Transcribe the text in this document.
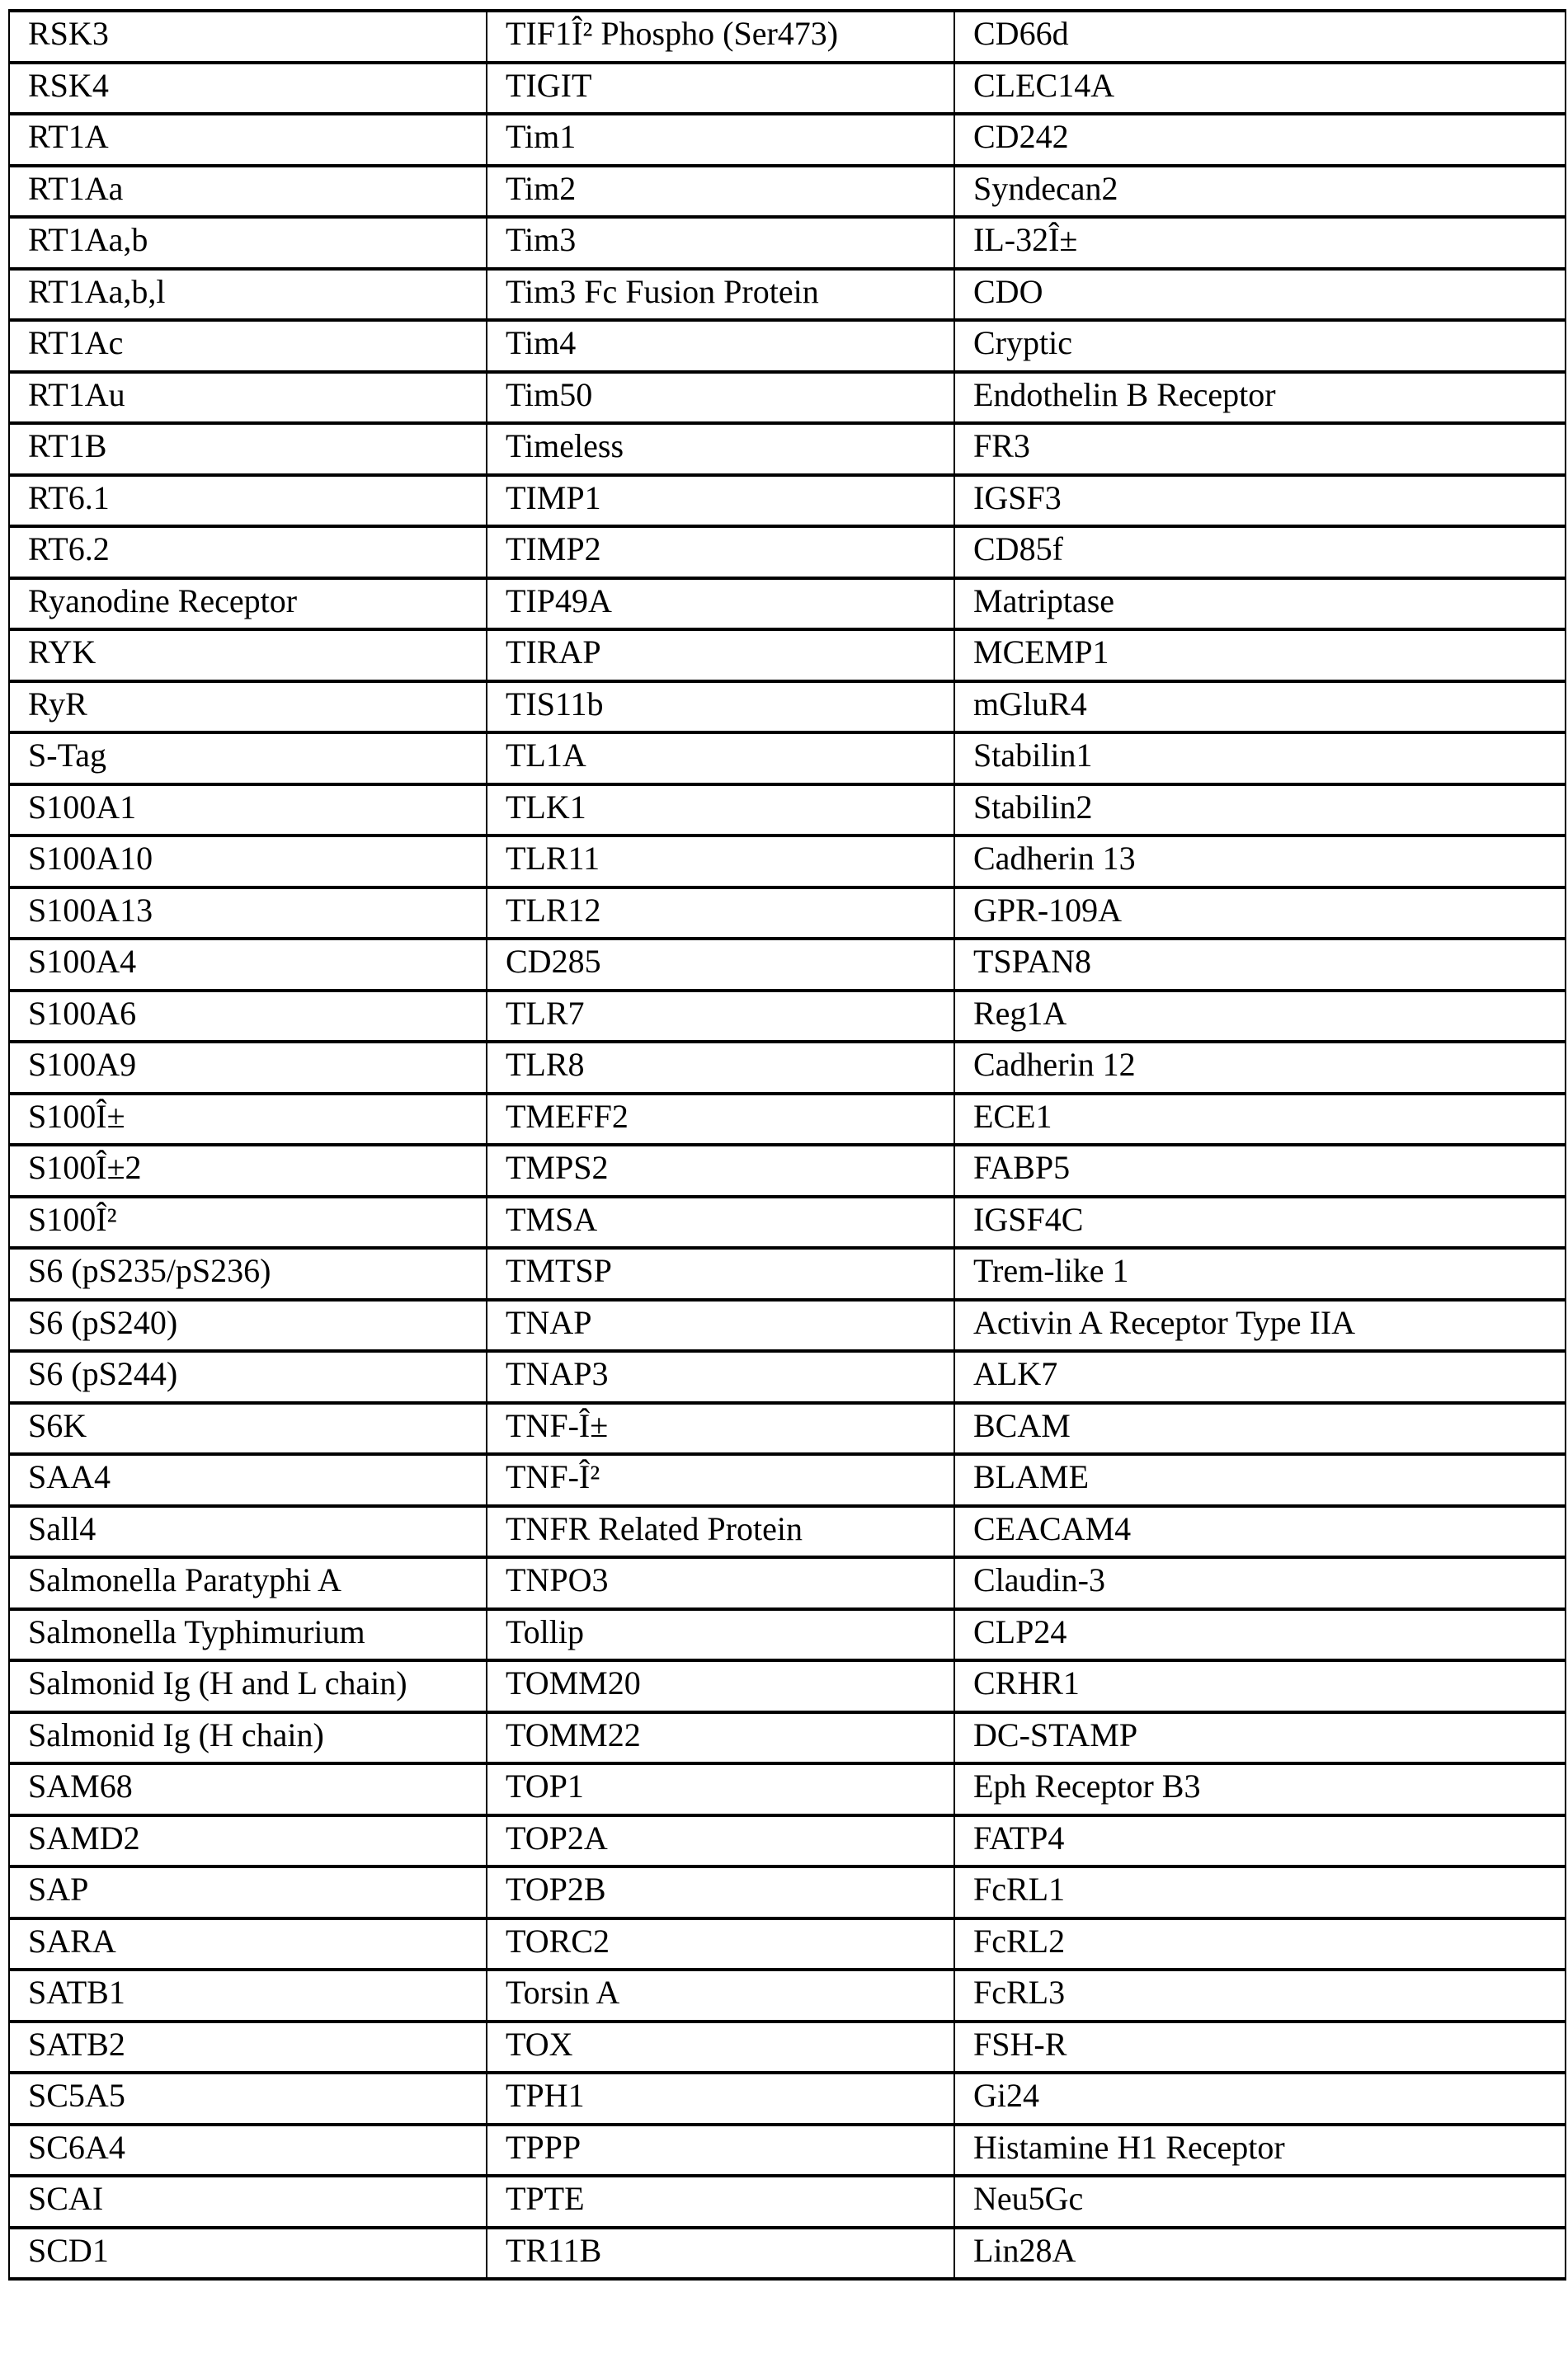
RSK3	TIF1Î² Phospho (Ser473)	CD66d
RSK4	TIGIT	CLEC14A
RT1A	Tim1	CD242
RT1Aa	Tim2	Syndecan2
RT1Aa,b	Tim3	IL-32Î±
RT1Aa,b,l	Tim3 Fc Fusion Protein	CDO
RT1Ac	Tim4	Cryptic
RT1Au	Tim50	Endothelin B Receptor
RT1B	Timeless	FR3
RT6.1	TIMP1	IGSF3
RT6.2	TIMP2	CD85f
Ryanodine Receptor	TIP49A	Matriptase
RYK	TIRAP	MCEMP1
RyR	TIS11b	mGluR4
S-Tag	TL1A	Stabilin1
S100A1	TLK1	Stabilin2
S100A10	TLR11	Cadherin 13
S100A13	TLR12	GPR-109A
S100A4	CD285	TSPAN8
S100A6	TLR7	Reg1A
S100A9	TLR8	Cadherin 12
S100Î±	TMEFF2	ECE1
S100Î±2	TMPS2	FABP5
S100Î²	TMSA	IGSF4C
S6 (pS235/pS236)	TMTSP	Trem-like 1
S6 (pS240)	TNAP	Activin A Receptor Type IIA
S6 (pS244)	TNAP3	ALK7
S6K	TNF-Î±	BCAM
SAA4	TNF-Î²	BLAME
Sall4	TNFR Related Protein	CEACAM4
Salmonella Paratyphi A	TNPO3	Claudin-3
Salmonella Typhimurium	Tollip	CLP24
Salmonid Ig (H and L chain)	TOMM20	CRHR1
Salmonid Ig (H chain)	TOMM22	DC-STAMP
SAM68	TOP1	Eph Receptor B3
SAMD2	TOP2A	FATP4
SAP	TOP2B	FcRL1
SARA	TORC2	FcRL2
SATB1	Torsin A	FcRL3
SATB2	TOX	FSH-R
SC5A5	TPH1	Gi24
SC6A4	TPPP	Histamine H1 Receptor
SCAI	TPTE	Neu5Gc
SCD1	TR11B	Lin28A
